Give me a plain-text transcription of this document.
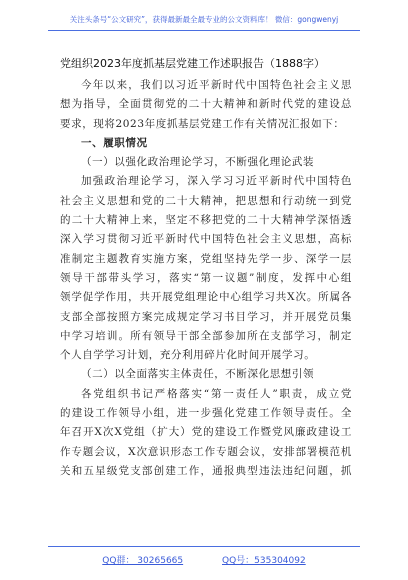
关注头条号“公文研究”，获得最新最全最专业的公文资料库！ 微信：gongwenyj
党组织2023年度抓基层党建工作述职报告（1888字）
今年以来，我们以习近平新时代中国特色社会主义思
想为指导，全面贯彻党的二十大精神和新时代党的建设总
要求，现将2023年度抓基层党建工作有关情况汇报如下：
一、履职情况
（一）以强化政治理论学习，不断强化理论武装
加强政治理论学习，深入学习习近平新时代中国特色
社会主义思想和党的二十大精神，把思想和行动统一到党
的二十大精神上来，坚定不移把党的二十大精神学深悟透
深入学习贯彻习近平新时代中国特色社会主义思想，高标
准制定主题教育实施方案，党组坚持先学一步、深学一层
领导干部带头学习，落实“第一议题”制度，发挥中心组
领学促学作用，共开展党组理论中心组学习共X次。所属各
支部全部按照方案完成规定学习书目学习，并开展党员集
中学习培训。所有领导干部全部参加所在支部学习，制定
个人自学学习计划，充分利用碎片化时间开展学习。
（二）以全面落实主体责任，不断深化思想引领
各党组织书记严格落实“第一责任人”职责，成立党
的建设工作领导小组，进一步强化党建工作领导责任。全
年召开X次X党组（扩大）党的建设工作暨党风廉政建设工
作专题会议，X次意识形态工作专题会议，安排部署模范机
关和五星级党支部创建工作，通报典型违法违纪问题，抓
QQ群： 30265665	QQ号：535304092
